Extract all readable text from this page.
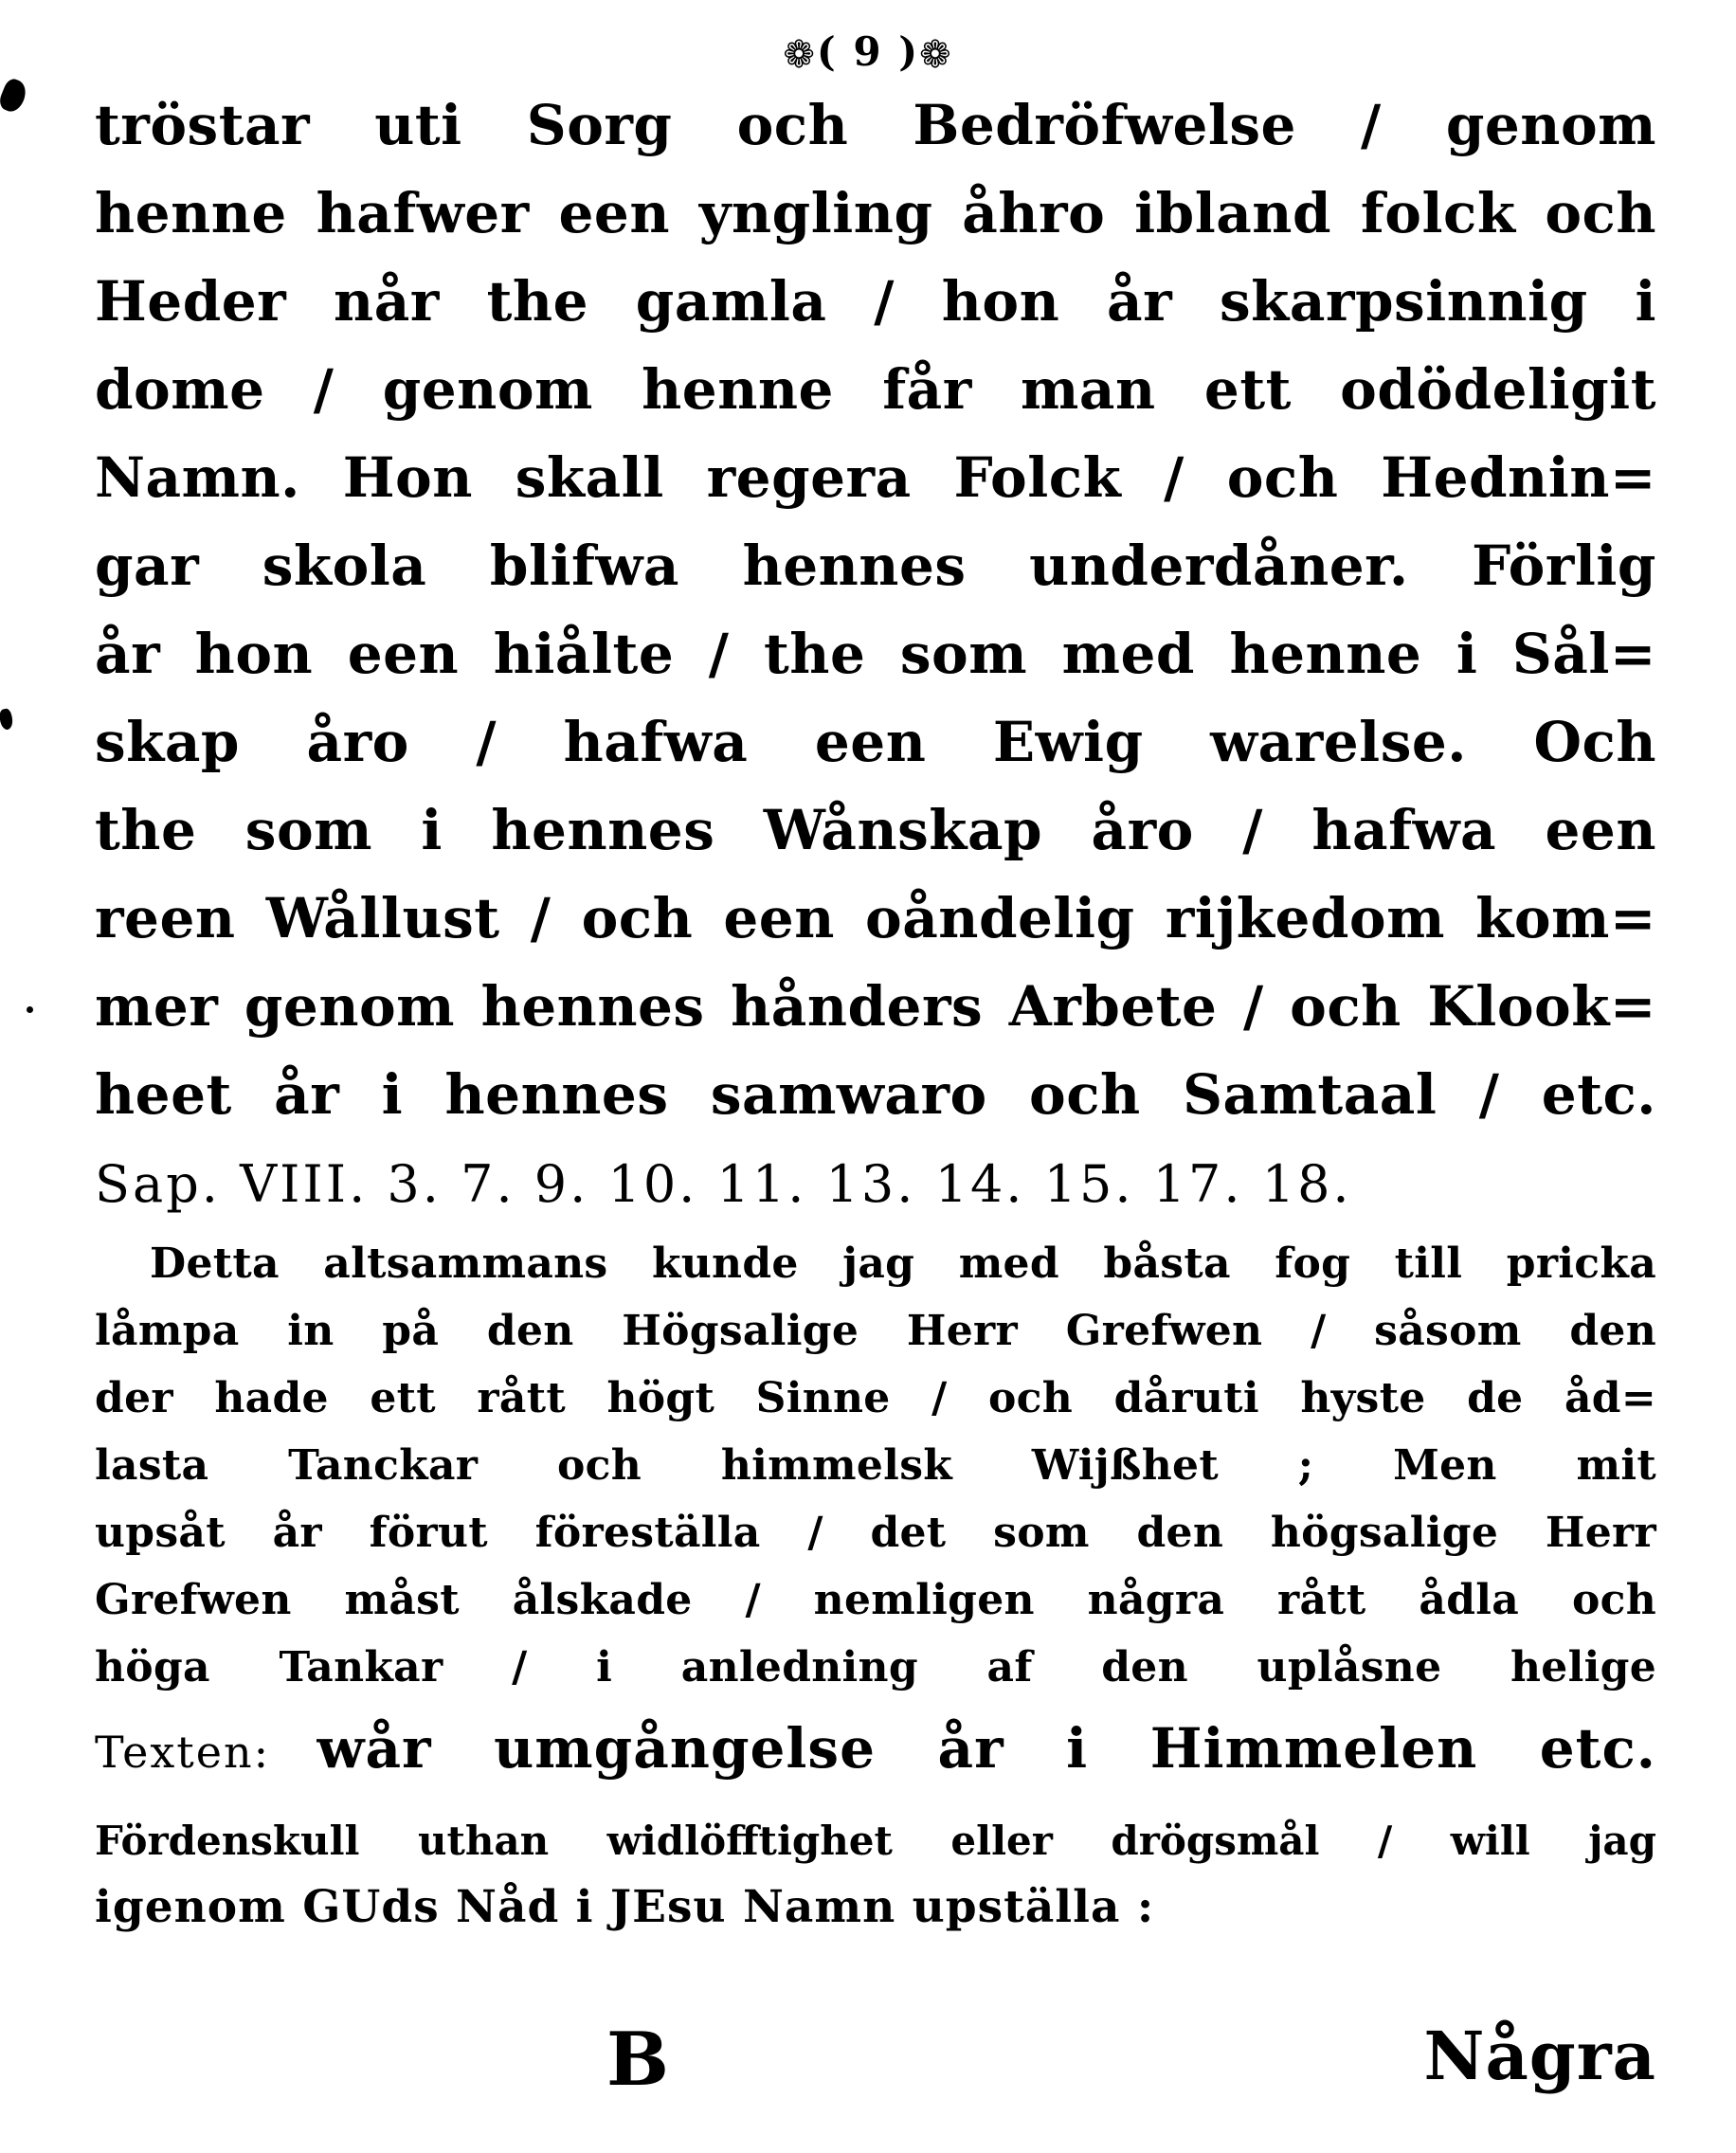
❁( 9 )❁
tröstar uti Sorg och Bedröfwelse / genom
henne hafwer een yngling åhro ibland folck och
Heder når the gamla / hon år skarpsinnig i
dome / genom henne får man ett odödeligit
Namn. Hon skall regera Folck / och Hednin=
gar skola blifwa hennes underdåner. Förlig
år hon een hiålte / the som med henne i Sål=
skap åro / hafwa een Ewig warelse. Och
the som i hennes Wånskap åro / hafwa een
reen Wållust / och een oåndelig rijkedom kom=
mer genom hennes hånders Arbete / och Klook=
heet år i hennes samwaro och Samtaal / etc.
Sap. VIII. 3. 7. 9. 10. 11. 13. 14. 15. 17. 18.
Detta altsammans kunde jag med båsta fog till pricka
låmpa in på den Högsalige Herr Grefwen / såsom den
der hade ett rått högt Sinne / och dåruti hyste de åd=
lasta Tanckar och himmelsk Wijßhet ; Men mit
upsåt år förut föreställa / det som den högsalige Herr
Grefwen måst ålskade / nemligen några rått ådla och
höga Tankar / i anledning af den uplåsne helige
Texten: wår umgångelse år i Himmelen etc.
Fördenskull uthan widlöfftighet eller drögsmål / will jag
igenom GUds Nåd i JEsu Namn upställa :
B	Några
